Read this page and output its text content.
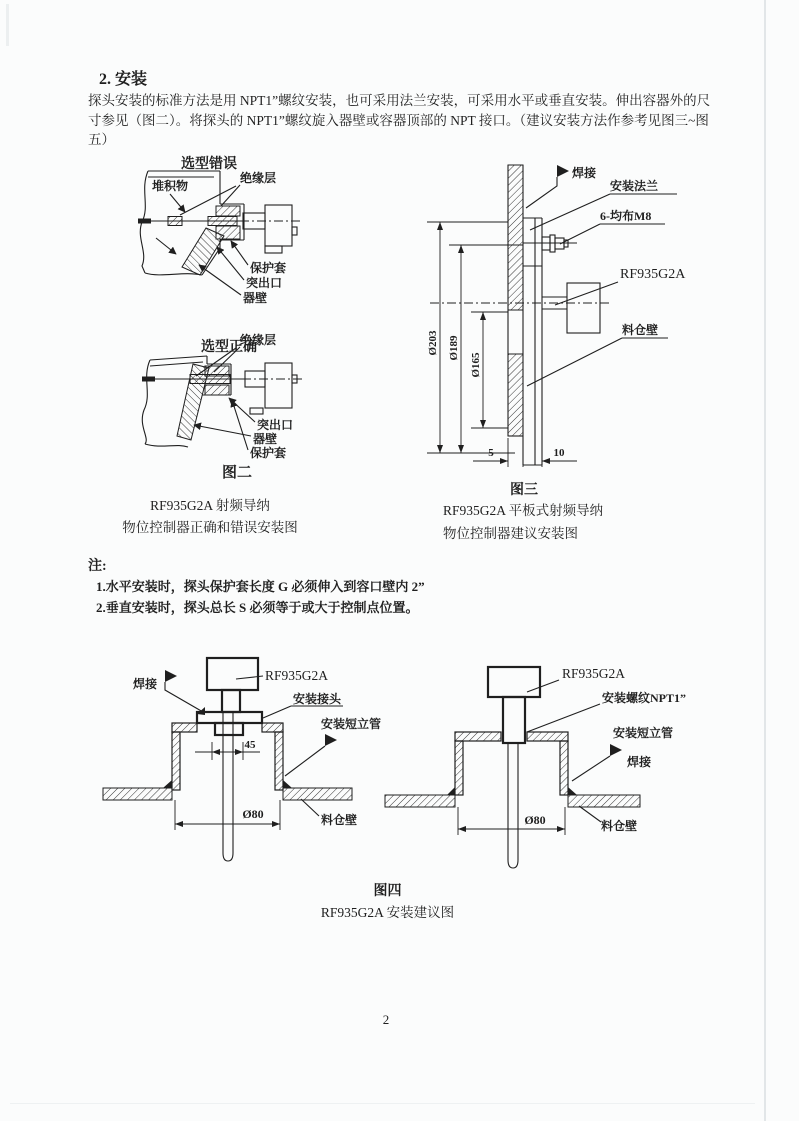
2. 安装
探头安装的标准方法是用 NPT1”螺纹安装，也可采用法兰安装，可采用水平或垂直安装。伸出容器外的尺
寸参见（图二）。将探头的 NPT1”螺纹旋入器壁或容器顶部的 NPT 接口。（建议安装方法作参考见图三~图
五）
选型错误
堆积物
绝缘层
保护套
突出口
器壁
选型正确
绝缘层
突出口
器壁
保护套
图二
RF935G2A 射频导纳
物位控制器正确和错误安装图
焊接
安装法兰
6-均布M8
RF935G2A
料仓壁
Ø203 Ø189
Ø165
5	10
图三
RF935G2A 平板式射频导纳
物位控制器建议安装图
注:
1.水平安装时，探头保护套长度 G 必须伸入到容口壁内 2”
2.垂直安装时，探头总长 S 必须等于或大于控制点位置。
RF935G2A
焊接
安装接头
安装短立管
45
Ø80	料仓壁
RF935G2A
安装螺纹NPT1”
安装短立管
焊接
Ø80	料仓壁
图四
RF935G2A 安装建议图
2
